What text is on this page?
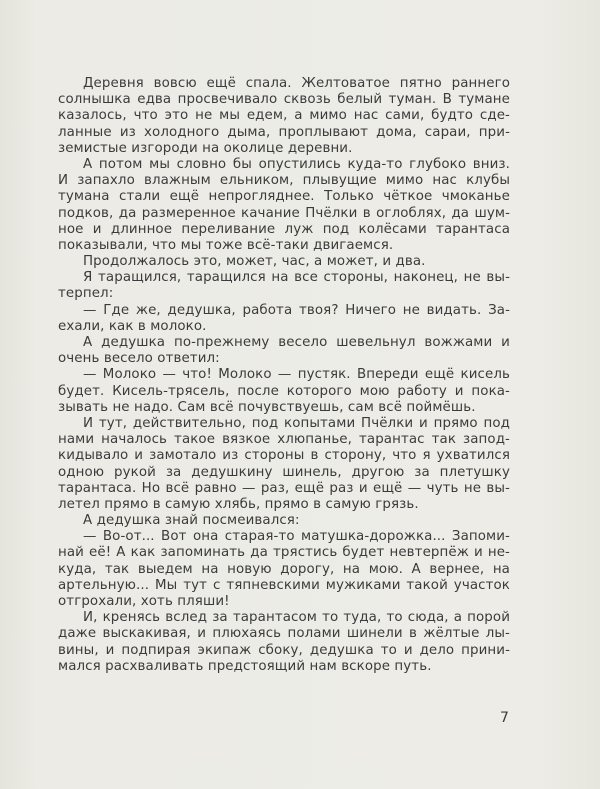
Деревня вовсю ещё спала. Желтоватое пятно раннего
солнышка едва просвечивало сквозь белый туман. В тумане
казалось, что это не мы едем, а мимо нас сами, будто сде-
ланные из холодного дыма, проплывают дома, сараи, при-
земистые изгороди на околице деревни.
А потом мы словно бы опустились куда-то глубоко вниз.
И запахло влажным ельником, плывущие мимо нас клубы
тумана стали ещё непрогляднее. Только чёткое чмоканье
подков, да размеренное качание Пчёлки в оглоблях, да шум-
ное и длинное переливание луж под колёсами тарантаса
показывали, что мы тоже всё-таки двигаемся.
Продолжалось это, может, час, а может, и два.
Я таращился, таращился на все стороны, наконец, не вы-
терпел:
— Где же, дедушка, работа твоя? Ничего не видать. За-
ехали, как в молоко.
А дедушка по-прежнему весело шевельнул вожжами и
очень весело ответил:
— Молоко — что! Молоко — пустяк. Впереди ещё кисель
будет. Кисель-трясель, после которого мою работу и пока-
зывать не надо. Сам всё почувствуешь, сам всё поймёшь.
И тут, действительно, под копытами Пчёлки и прямо под
нами началось такое вязкое хлюпанье, тарантас так запод-
кидывало и замотало из стороны в сторону, что я ухватился
одною рукой за дедушкину шинель, другою за плетушку
тарантаса. Но всё равно — раз, ещё раз и ещё — чуть не вы-
летел прямо в самую хлябь, прямо в самую грязь.
А дедушка знай посмеивался:
— Во-от... Вот она старая-то матушка-дорожка... Запоми-
най её! А как запоминать да трястись будет невтерпёж и не-
куда, так выедем на новую дорогу, на мою. А вернее, на
артельную... Мы тут с тяпневскими мужиками такой участок
отгрохали, хоть пляши!
И, кренясь вслед за тарантасом то туда, то сюда, а порой
даже выскакивая, и плюхаясь полами шинели в жёлтые лы-
вины, и подпирая экипаж сбоку, дедушка то и дело прини-
мался расхваливать предстоящий нам вскоре путь.
7
